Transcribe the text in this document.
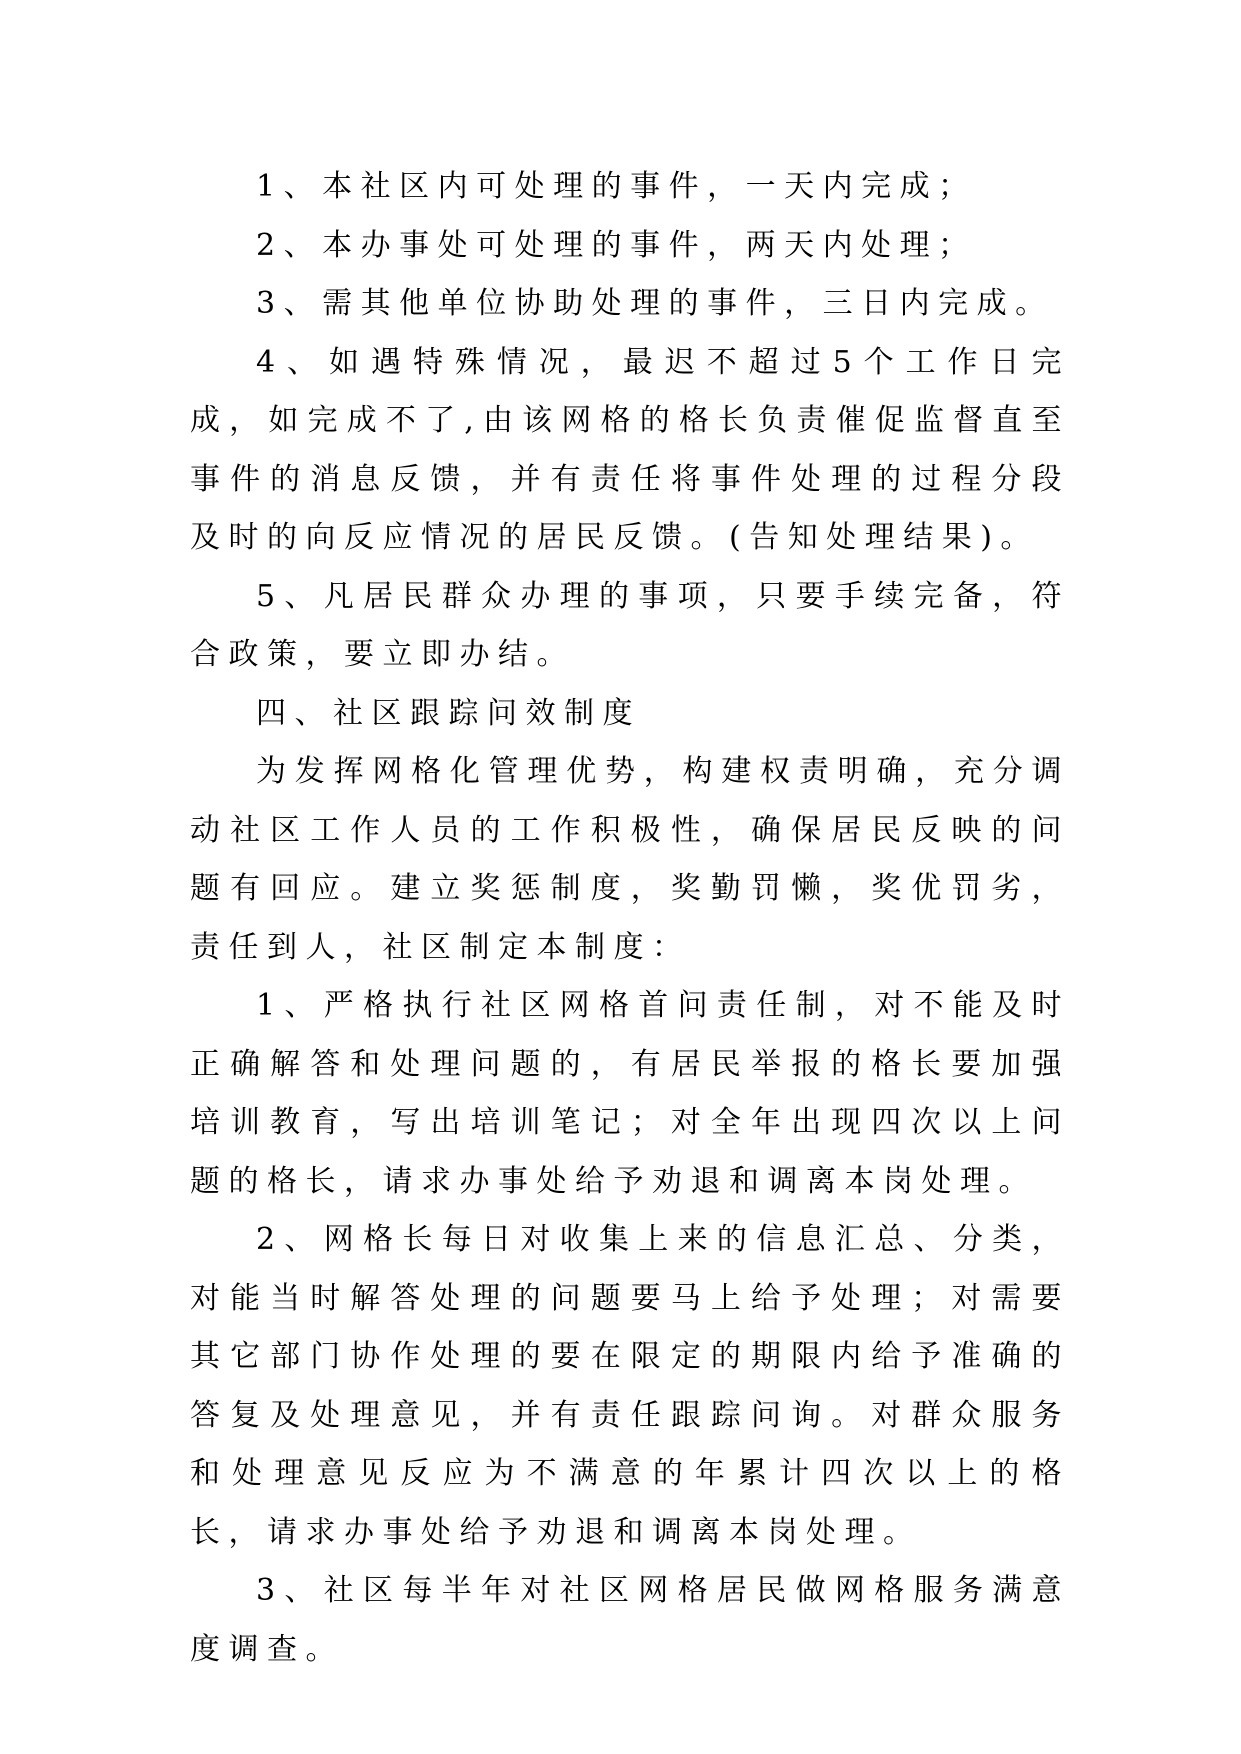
1、本社区内可处理的事件，一天内完成；

2、本办事处可处理的事件，两天内处理；

3、需其他单位协助处理的事件，三日内完成。

4、如遇特殊情况，最迟不超过5个工作日完成，如完成不了,由该网格的格长负责催促监督直至事件的消息反馈，并有责任将事件处理的过程分段及时的向反应情况的居民反馈。(告知处理结果)。

5、凡居民群众办理的事项，只要手续完备，符合政策，要立即办结。

四、社区跟踪问效制度

为发挥网格化管理优势，构建权责明确，充分调动社区工作人员的工作积极性，确保居民反映的问题有回应。建立奖惩制度，奖勤罚懒，奖优罚劣，责任到人，社区制定本制度：

1、严格执行社区网格首问责任制，对不能及时正确解答和处理问题的，有居民举报的格长要加强培训教育，写出培训笔记；对全年出现四次以上问题的格长，请求办事处给予劝退和调离本岗处理。

2、网格长每日对收集上来的信息汇总、分类，对能当时解答处理的问题要马上给予处理；对需要其它部门协作处理的要在限定的期限内给予准确的答复及处理意见，并有责任跟踪问询。对群众服务和处理意见反应为不满意的年累计四次以上的格长，请求办事处给予劝退和调离本岗处理。

3、社区每半年对社区网格居民做网格服务满意度调查。
